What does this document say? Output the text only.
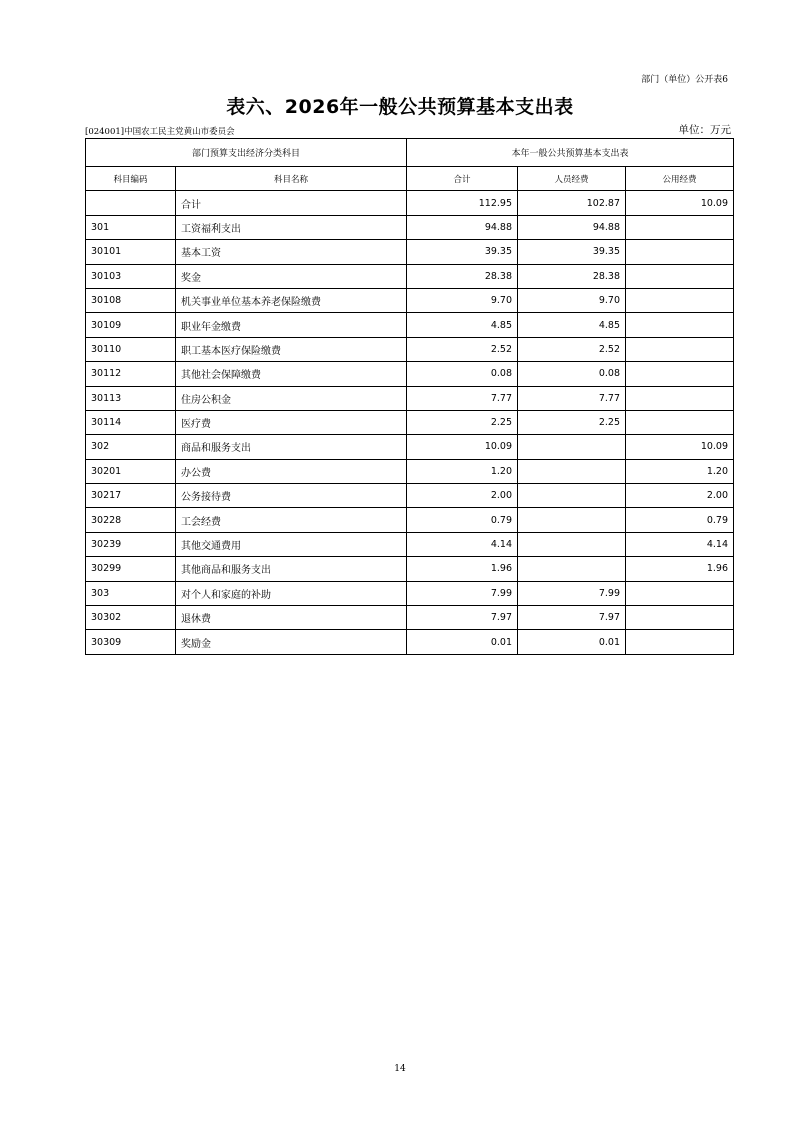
部门（单位）公开表6
表六、2026年一般公共预算基本支出表
[024001]中国农工民主党黄山市委员会	单位：万元
部门预算支出经济分类科目		本年一般公共预算基本支出表		
科目编码	科目名称	合计	人员经费	公用经费
	合计	112.95	102.87	10.09
301	工资福利支出	94.88	94.88	
30101	基本工资	39.35	39.35	
30103	奖金	28.38	28.38	
30108	机关事业单位基本养老保险缴费	9.70	9.70	
30109	职业年金缴费	4.85	4.85	
30110	职工基本医疗保险缴费	2.52	2.52	
30112	其他社会保障缴费	0.08	0.08	
30113	住房公积金	7.77	7.77	
30114	医疗费	2.25	2.25	
302	商品和服务支出	10.09		10.09
30201	办公费	1.20		1.20
30217	公务接待费	2.00		2.00
30228	工会经费	0.79		0.79
30239	其他交通费用	4.14		4.14
30299	其他商品和服务支出	1.96		1.96
303	对个人和家庭的补助	7.99	7.99	
30302	退休费	7.97	7.97	
30309	奖励金	0.01	0.01	
14
